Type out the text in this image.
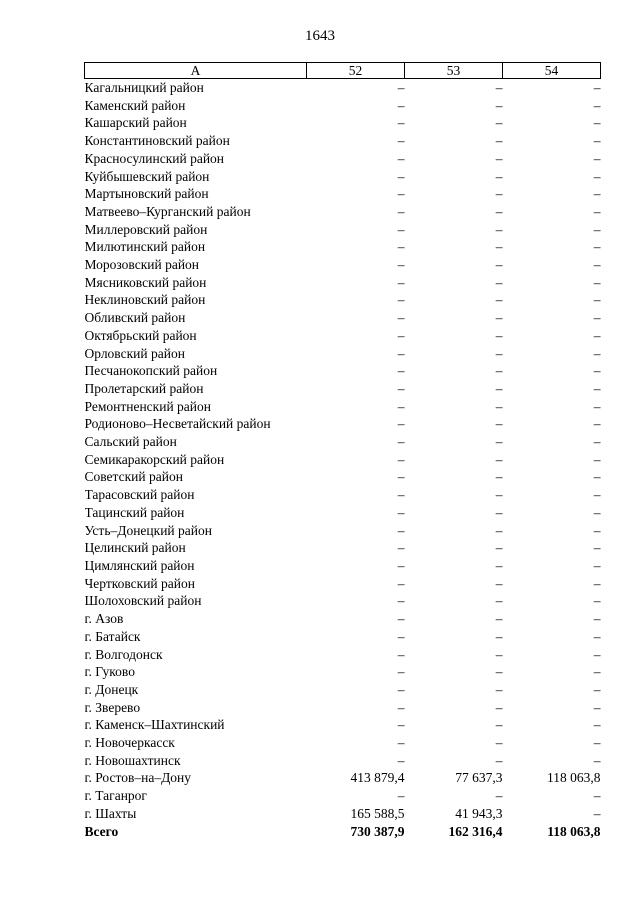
1643
А	52	53	54
Кагальницкий район	–	–	–
Каменский район	–	–	–
Кашарский район	–	–	–
Константиновский район	–	–	–
Красносулинский район	–	–	–
Куйбышевский район	–	–	–
Мартыновский район	–	–	–
Матвеево–Курганский район	–	–	–
Миллеровский район	–	–	–
Милютинский район	–	–	–
Морозовский район	–	–	–
Мясниковский район	–	–	–
Неклиновский район	–	–	–
Обливский район	–	–	–
Октябрьский район	–	–	–
Орловский район	–	–	–
Песчанокопский район	–	–	–
Пролетарский район	–	–	–
Ремонтненский район	–	–	–
Родионово–Несветайский район	–	–	–
Сальский район	–	–	–
Семикаракорский район	–	–	–
Советский район	–	–	–
Тарасовский район	–	–	–
Тацинский район	–	–	–
Усть–Донецкий район	–	–	–
Целинский район	–	–	–
Цимлянский район	–	–	–
Чертковский район	–	–	–
Шолоховский район	–	–	–
г. Азов	–	–	–
г. Батайск	–	–	–
г. Волгодонск	–	–	–
г. Гуково	–	–	–
г. Донецк	–	–	–
г. Зверево	–	–	–
г. Каменск–Шахтинский	–	–	–
г. Новочеркасск	–	–	–
г. Новошахтинск	–	–	–
г. Ростов–на–Дону	413 879,4	77 637,3	118 063,8
г. Таганрог	–	–	–
г. Шахты	165 588,5	41 943,3	–
Всего	730 387,9	162 316,4	118 063,8
